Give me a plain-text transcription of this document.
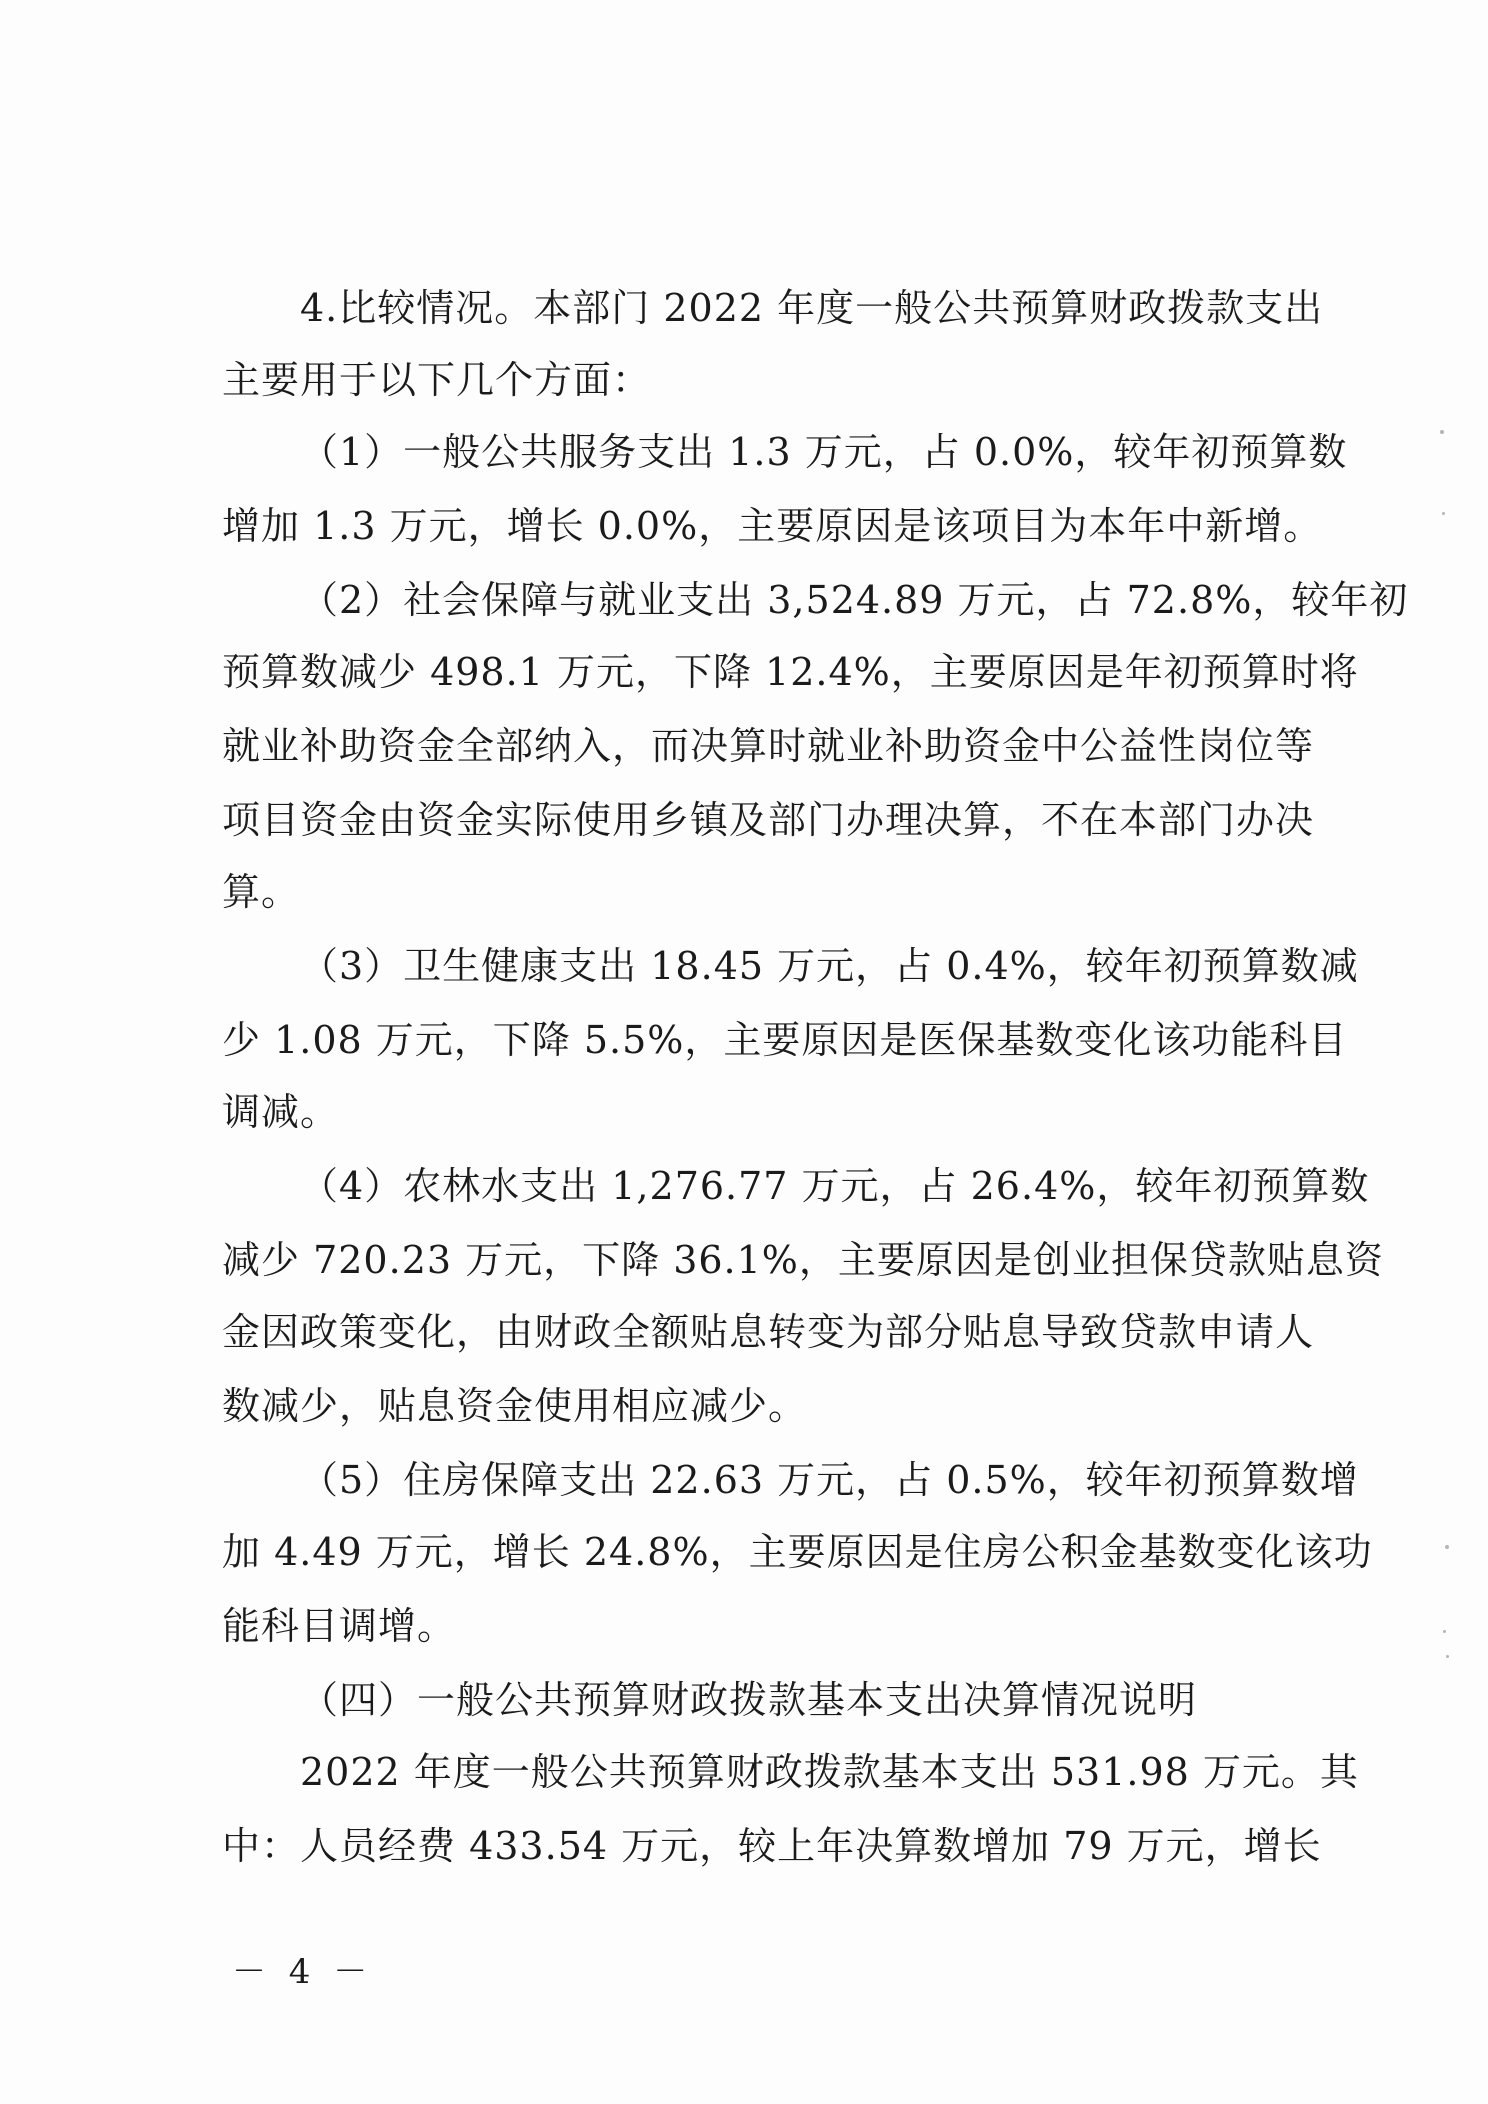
4.比较情况。本部门 2022 年度一般公共预算财政拨款支出
主要用于以下几个方面：
（1）一般公共服务支出 1.3 万元，占 0.0%，较年初预算数
增加 1.3 万元，增长 0.0%，主要原因是该项目为本年中新增。
（2）社会保障与就业支出 3,524.89 万元，占 72.8%，较年初
预算数减少 498.1 万元，下降 12.4%，主要原因是年初预算时将
就业补助资金全部纳入，而决算时就业补助资金中公益性岗位等
项目资金由资金实际使用乡镇及部门办理决算，不在本部门办决
算。
（3）卫生健康支出 18.45 万元，占 0.4%，较年初预算数减
少 1.08 万元，下降 5.5%，主要原因是医保基数变化该功能科目
调减。
（4）农林水支出 1,276.77 万元，占 26.4%，较年初预算数
减少 720.23 万元，下降 36.1%，主要原因是创业担保贷款贴息资
金因政策变化，由财政全额贴息转变为部分贴息导致贷款申请人
数减少，贴息资金使用相应减少。
（5）住房保障支出 22.63 万元，占 0.5%，较年初预算数增
加 4.49 万元，增长 24.8%，主要原因是住房公积金基数变化该功
能科目调增。
（四）一般公共预算财政拨款基本支出决算情况说明
2022 年度一般公共预算财政拨款基本支出 531.98 万元。其
中：人员经费 433.54 万元，较上年决算数增加 79 万元，增长
－ 4 －
